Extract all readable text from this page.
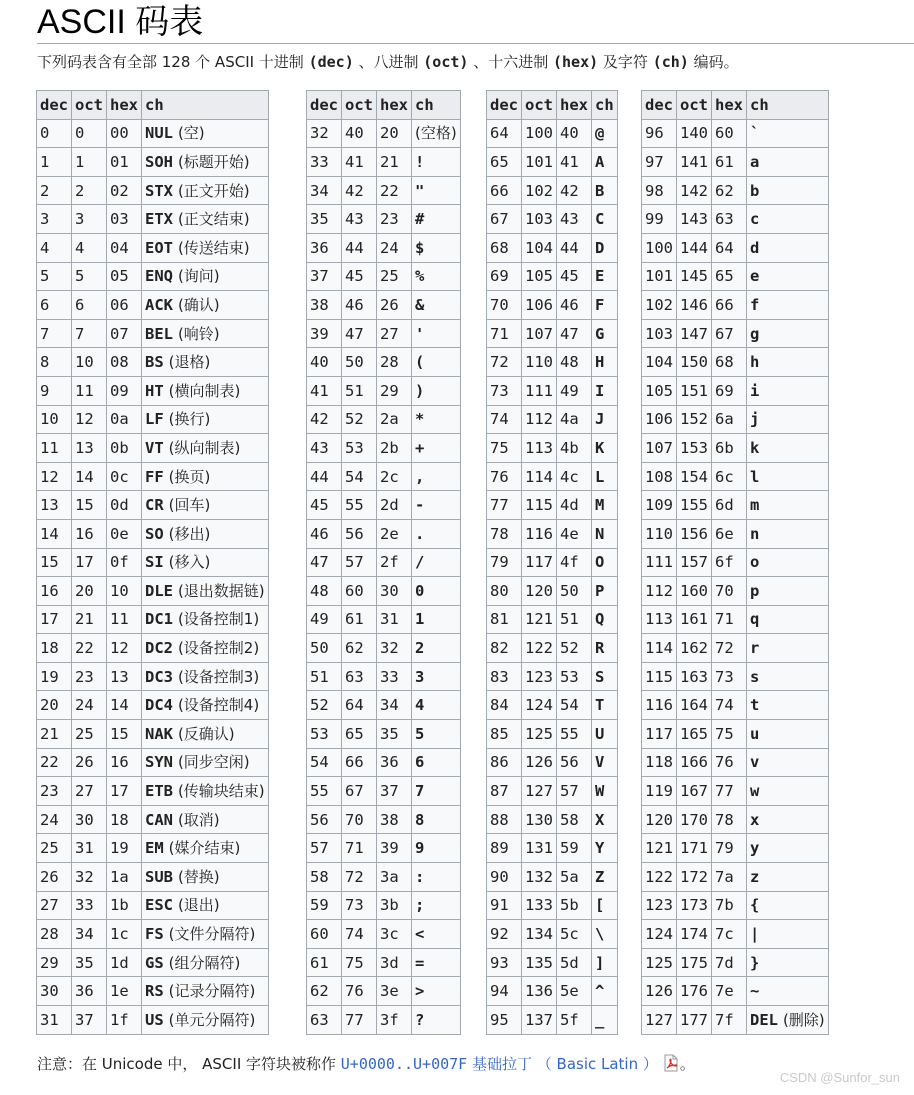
ASCII 码表
下列码表含有全部 128 个 ASCII 十进制 (dec) 、八进制 (oct) 、十六进制 (hex) 及字符 (ch) 编码。
dec	oct	hex	ch
0	0	00	NUL (空)
1	1	01	SOH (标题开始)
2	2	02	STX (正文开始)
3	3	03	ETX (正文结束)
4	4	04	EOT (传送结束)
5	5	05	ENQ (询问)
6	6	06	ACK (确认)
7	7	07	BEL (响铃)
8	10	08	BS (退格)
9	11	09	HT (横向制表)
10	12	0a	LF (换行)
11	13	0b	VT (纵向制表)
12	14	0c	FF (换页)
13	15	0d	CR (回车)
14	16	0e	SO (移出)
15	17	0f	SI (移入)
16	20	10	DLE (退出数据链)
17	21	11	DC1 (设备控制1)
18	22	12	DC2 (设备控制2)
19	23	13	DC3 (设备控制3)
20	24	14	DC4 (设备控制4)
21	25	15	NAK (反确认)
22	26	16	SYN (同步空闲)
23	27	17	ETB (传输块结束)
24	30	18	CAN (取消)
25	31	19	EM (媒介结束)
26	32	1a	SUB (替换)
27	33	1b	ESC (退出)
28	34	1c	FS (文件分隔符)
29	35	1d	GS (组分隔符)
30	36	1e	RS (记录分隔符)
31	37	1f	US (单元分隔符)
dec	oct	hex	ch
32	40	20	(空格)
33	41	21	!
34	42	22	"
35	43	23	#
36	44	24	$
37	45	25	%
38	46	26	&
39	47	27	'
40	50	28	(
41	51	29	)
42	52	2a	*
43	53	2b	+
44	54	2c	,
45	55	2d	-
46	56	2e	.
47	57	2f	/
48	60	30	0
49	61	31	1
50	62	32	2
51	63	33	3
52	64	34	4
53	65	35	5
54	66	36	6
55	67	37	7
56	70	38	8
57	71	39	9
58	72	3a	:
59	73	3b	;
60	74	3c	<
61	75	3d	=
62	76	3e	>
63	77	3f	?
dec	oct	hex	ch
64	100	40	@
65	101	41	A
66	102	42	B
67	103	43	C
68	104	44	D
69	105	45	E
70	106	46	F
71	107	47	G
72	110	48	H
73	111	49	I
74	112	4a	J
75	113	4b	K
76	114	4c	L
77	115	4d	M
78	116	4e	N
79	117	4f	O
80	120	50	P
81	121	51	Q
82	122	52	R
83	123	53	S
84	124	54	T
85	125	55	U
86	126	56	V
87	127	57	W
88	130	58	X
89	131	59	Y
90	132	5a	Z
91	133	5b	[
92	134	5c	\
93	135	5d	]
94	136	5e	^
95	137	5f	_
dec	oct	hex	ch
96	140	60	`
97	141	61	a
98	142	62	b
99	143	63	c
100	144	64	d
101	145	65	e
102	146	66	f
103	147	67	g
104	150	68	h
105	151	69	i
106	152	6a	j
107	153	6b	k
108	154	6c	l
109	155	6d	m
110	156	6e	n
111	157	6f	o
112	160	70	p
113	161	71	q
114	162	72	r
115	163	73	s
116	164	74	t
117	165	75	u
118	166	76	v
119	167	77	w
120	170	78	x
121	171	79	y
122	172	7a	z
123	173	7b	{
124	174	7c	|
125	175	7d	}
126	176	7e	~
127	177	7f	DEL (删除)
注意：在 Unicode 中， ASCII 字符块被称作 U+0000..U+007F 基础拉丁 （ Basic Latin ） 。
CSDN @Sunfor_sun
